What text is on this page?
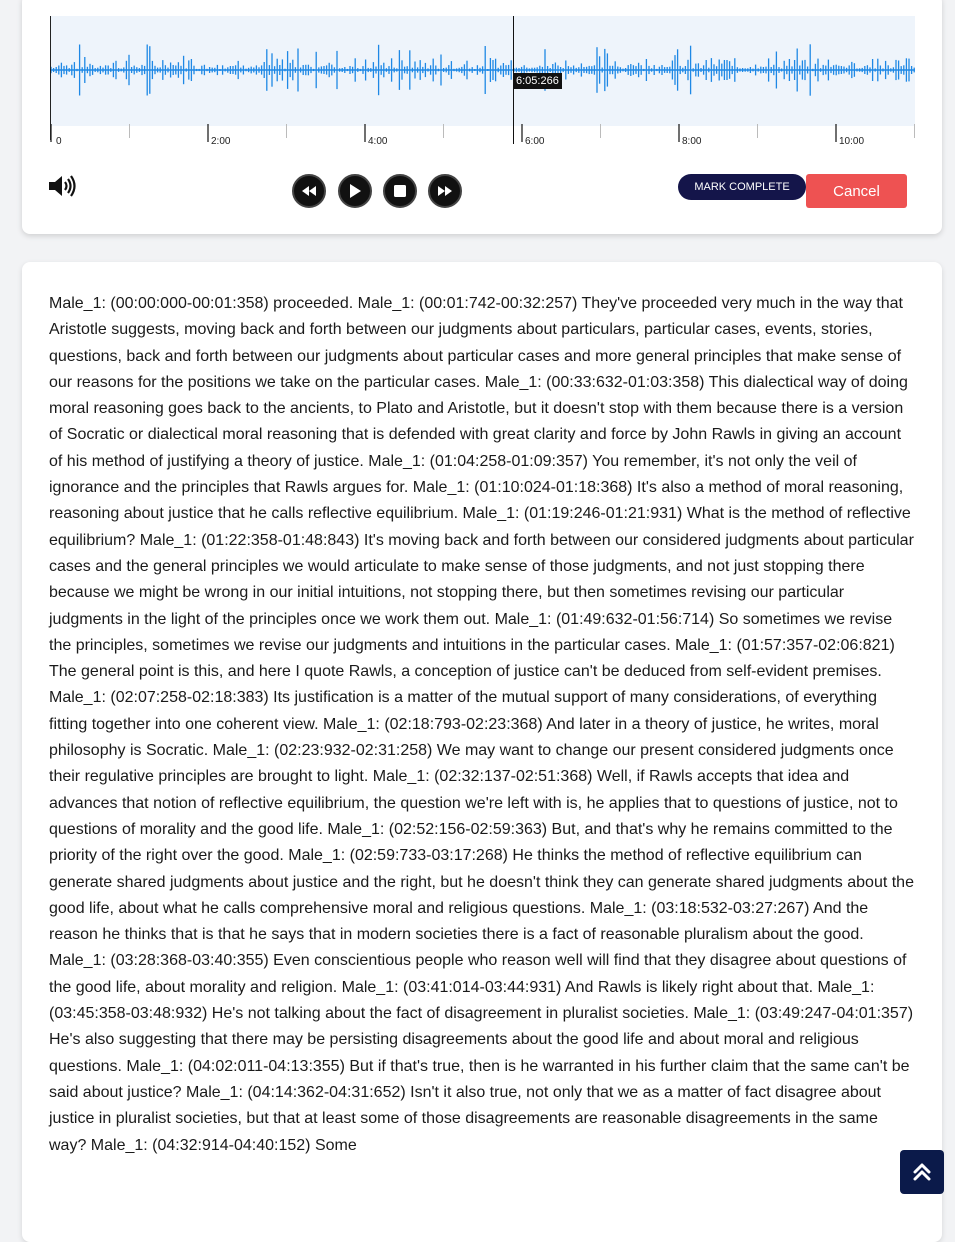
6:05:266
0	2:00	4:00	6:00	8:00	10:00
MARK COMPLETE	Cancel

Male_1: (00:00:000-00:01:358) proceeded. Male_1: (00:01:742-00:32:257) They've proceeded very much in the way that Aristotle suggests, moving back and forth between our judgments about particulars, particular cases, events, stories, questions, back and forth between our judgments about particular cases and more general principles that make sense of our reasons for the positions we take on the particular cases. Male_1: (00:33:632-01:03:358) This dialectical way of doing moral reasoning goes back to the ancients, to Plato and Aristotle, but it doesn't stop with them because there is a version of Socratic or dialectical moral reasoning that is defended with great clarity and force by John Rawls in giving an account of his method of justifying a theory of justice. Male_1: (01:04:258-01:09:357) You remember, it's not only the veil of ignorance and the principles that Rawls argues for. Male_1: (01:10:024-01:18:368) It's also a method of moral reasoning, reasoning about justice that he calls reflective equilibrium. Male_1: (01:19:246-01:21:931) What is the method of reflective equilibrium? Male_1: (01:22:358-01:48:843) It's moving back and forth between our considered judgments about particular cases and the general principles we would articulate to make sense of those judgments, and not just stopping there because we might be wrong in our initial intuitions, not stopping there, but then sometimes revising our particular judgments in the light of the principles once we work them out. Male_1: (01:49:632-01:56:714) So sometimes we revise the principles, sometimes we revise our judgments and intuitions in the particular cases. Male_1: (01:57:357-02:06:821) The general point is this, and here I quote Rawls, a conception of justice can't be deduced from self-evident premises. Male_1: (02:07:258-02:18:383) Its justification is a matter of the mutual support of many considerations, of everything fitting together into one coherent view. Male_1: (02:18:793-02:23:368) And later in a theory of justice, he writes, moral philosophy is Socratic. Male_1: (02:23:932-02:31:258) We may want to change our present considered judgments once their regulative principles are brought to light. Male_1: (02:32:137-02:51:368) Well, if Rawls accepts that idea and advances that notion of reflective equilibrium, the question we're left with is, he applies that to questions of justice, not to questions of morality and the good life. Male_1: (02:52:156-02:59:363) But, and that's why he remains committed to the priority of the right over the good. Male_1: (02:59:733-03:17:268) He thinks the method of reflective equilibrium can generate shared judgments about justice and the right, but he doesn't think they can generate shared judgments about the good life, about what he calls comprehensive moral and religious questions. Male_1: (03:18:532-03:27:267) And the reason he thinks that is that he says that in modern societies there is a fact of reasonable pluralism about the good. Male_1: (03:28:368-03:40:355) Even conscientious people who reason well will find that they disagree about questions of the good life, about morality and religion. Male_1: (03:41:014-03:44:931) And Rawls is likely right about that. Male_1: (03:45:358-03:48:932) He's not talking about the fact of disagreement in pluralist societies. Male_1: (03:49:247-04:01:357) He's also suggesting that there may be persisting disagreements about the good life and about moral and religious questions. Male_1: (04:02:011-04:13:355) But if that's true, then is he warranted in his further claim that the same can't be said about justice? Male_1: (04:14:362-04:31:652) Isn't it also true, not only that we as a matter of fact disagree about justice in pluralist societies, but that at least some of those disagreements are reasonable disagreements in the same way? Male_1: (04:32:914-04:40:152) Some
